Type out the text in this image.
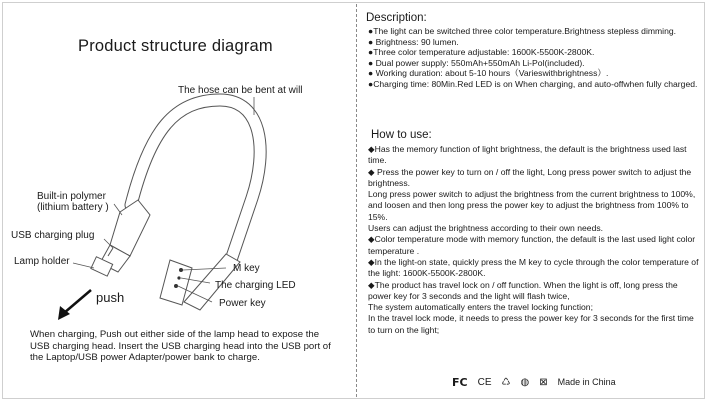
Product structure diagram
The hose can be bent at will
Built-in polymer
(lithium battery )
USB charging plug
Lamp holder
M key
The charging LED
Power key
push
When charging, Push out either side of the lamp head to expose the USB charging head. Insert the USB charging head into the USB port of the Laptop/USB power Adapter/power bank to charge.
Description:

●The light can be switched three color temperature.Brightness stepless dimming.

● Brightness: 90 lumen.

●Three color temperature adjustable: 1600K-5500K-2800K.

● Dual power supply: 550mAh+550mAh Li-Pol(included).

● Working duration: about 5-10 hours（Varieswithbrightness）.

●Charging time: 80Min.Red LED is on When charging, and auto-offwhen fully charged.

How to use:

◆Has the memory function of light brightness, the default is the brightness used last time.

◆ Press the power key to turn on / off the light, Long press power switch to adjust the brightness.

Long press power switch to adjust the brightness from the current brightness to 100%,

and loosen and then long press the power key to adjust the brightness from 100% to 15%.

Users can adjust the brightness according to their own needs.

◆Color temperature mode with memory function, the default is the last used light color temperature .

◆In the light-on state, quickly press the M key to cycle through the color temperature of the light: 1600K-5500K-2800K.

◆The product has travel lock on / off function. When the light is off, long press the power key for 3 seconds and the light will flash twice,

The system automatically enters the travel locking function;

In the travel lock mode, it needs to press the power key for 3 seconds for the first time to turn on the light;

FC CE ♺ ◍ ⊠ Made in China
